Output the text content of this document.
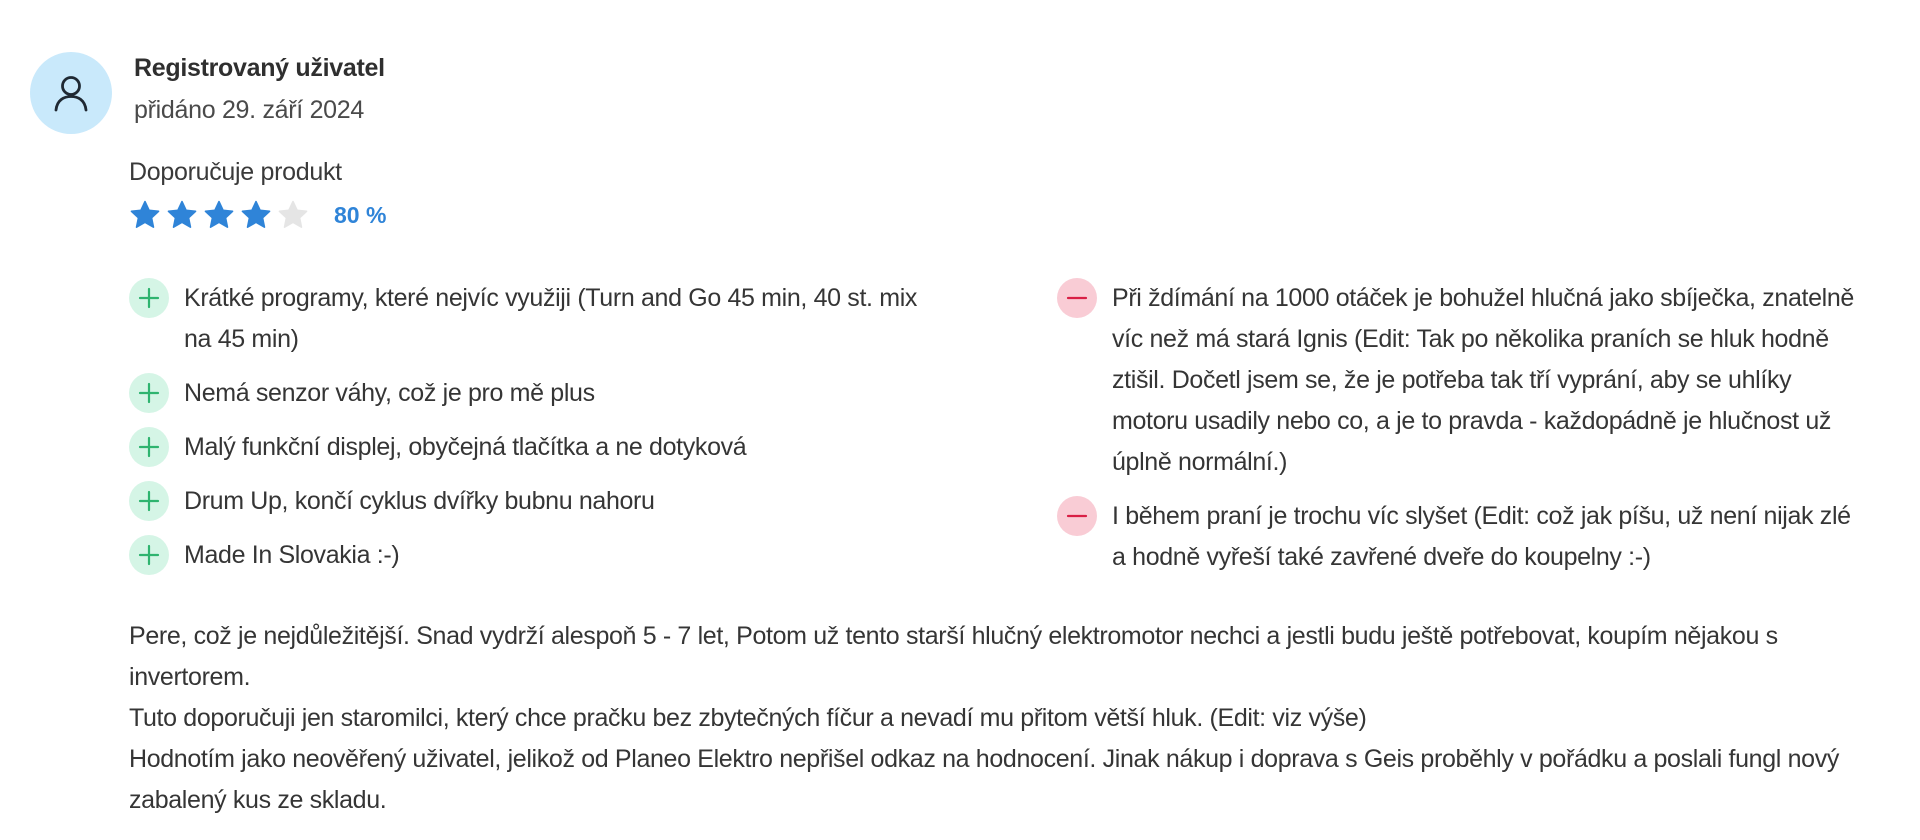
Registrovaný uživatel
přidáno 29. září 2024
Doporučuje produkt
80 %
Krátké programy, které nejvíc využiji (Turn and Go 45 min, 40 st. mix na 45 min)
Nemá senzor váhy, což je pro mě plus
Malý funkční displej, obyčejná tlačítka a ne dotyková
Drum Up, končí cyklus dvířky bubnu nahoru
Made In Slovakia :-)
Při ždímání na 1000 otáček je bohužel hlučná jako sbíječka, znatelně víc než má stará Ignis (Edit: Tak po několika praních se hluk hodně ztišil. Dočetl jsem se, že je potřeba tak tří vyprání, aby se uhlíky motoru usadily nebo co, a je to pravda - každopádně je hlučnost už úplně normální.)
I během praní je trochu víc slyšet (Edit: což jak píšu, už není nijak zlé a hodně vyřeší také zavřené dveře do koupelny :-)

Pere, což je nejdůležitější. Snad vydrží alespoň 5 - 7 let, Potom už tento starší hlučný elektromotor nechci a jestli budu ještě potřebovat, koupím nějakou s invertorem.

Tuto doporučuji jen staromilci, který chce pračku bez zbytečných fíčur a nevadí mu přitom větší hluk. (Edit: viz výše)

Hodnotím jako neověřený uživatel, jelikož od Planeo Elektro nepřišel odkaz na hodnocení. Jinak nákup i doprava s Geis proběhly v pořádku a poslali fungl nový zabalený kus ze skladu.
